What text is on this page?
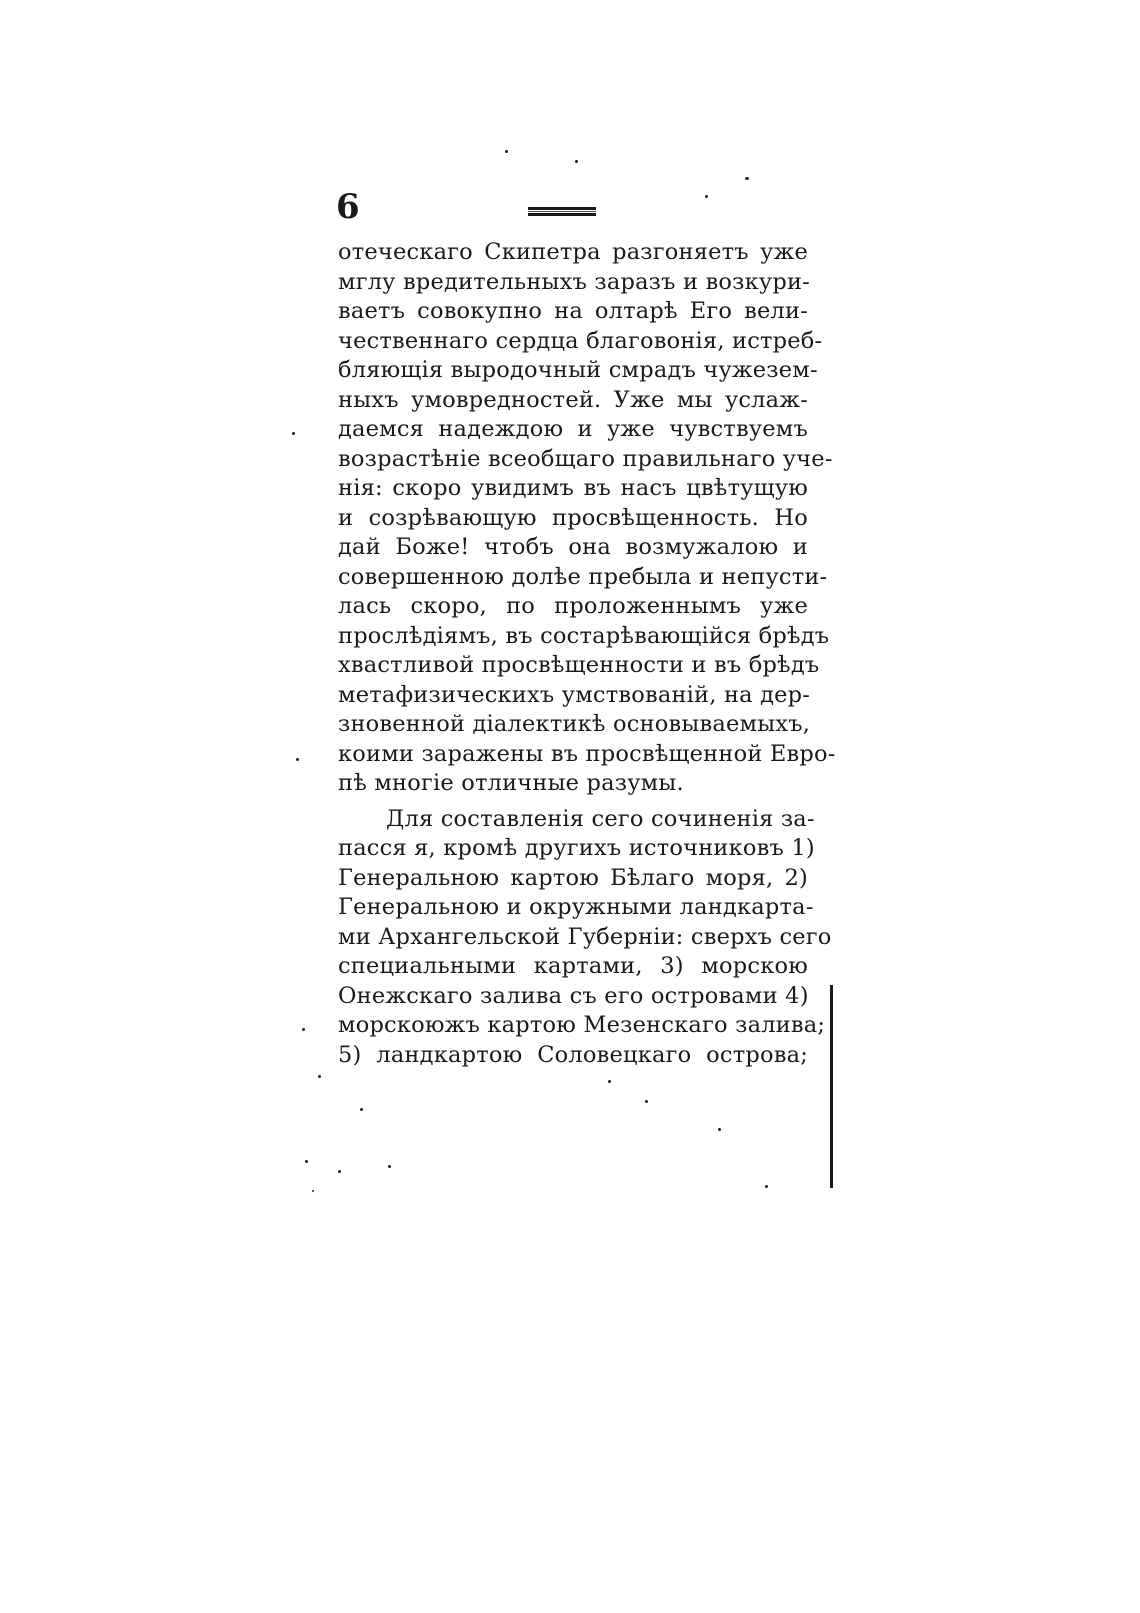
6
отеческаго Скипетра разгоняетъ уже
мглу вредительныхъ заразъ и возкури-
ваетъ совокупно на олтарѣ Его вели-
чественнаго сердца благовонія, истреб-
бляющія выродочный смрадъ чужезем-
ныхъ умовредностей. Уже мы услаж-
даемся надеждою и уже чувствуемъ
возрастѣніе всеобщаго правильнаго уче-
нія: скоро увидимъ въ насъ цвѣтущую
и созрѣвающую просвѣщенность. Но
дай Боже! чтобъ она возмужалою и
совершенною долѣе пребыла и непусти-
лась скоро, по проложеннымъ уже
прослѣдіямъ, въ состарѣвающійся брѣдъ
хвастливой просвѣщенности и въ брѣдъ
метафизическихъ умствованій, на дер-
зновенной діалектикѣ основываемыхъ,
коими заражены въ просвѣщенной Евро-
пѣ многіе отличные разумы.
Для составленія сего сочиненія за-
пасся я, кромѣ другихъ источниковъ 1)
Генеральною картою Бѣлаго моря, 2)
Генеральною и окружными ландкарта-
ми Архангельской Губерніи: сверхъ сего
специальными картами, 3) морскою
Онежскаго залива съ его островами 4)
морскоюжъ картою Мезенскаго залива;
5) ландкартою Соловецкаго острова;
